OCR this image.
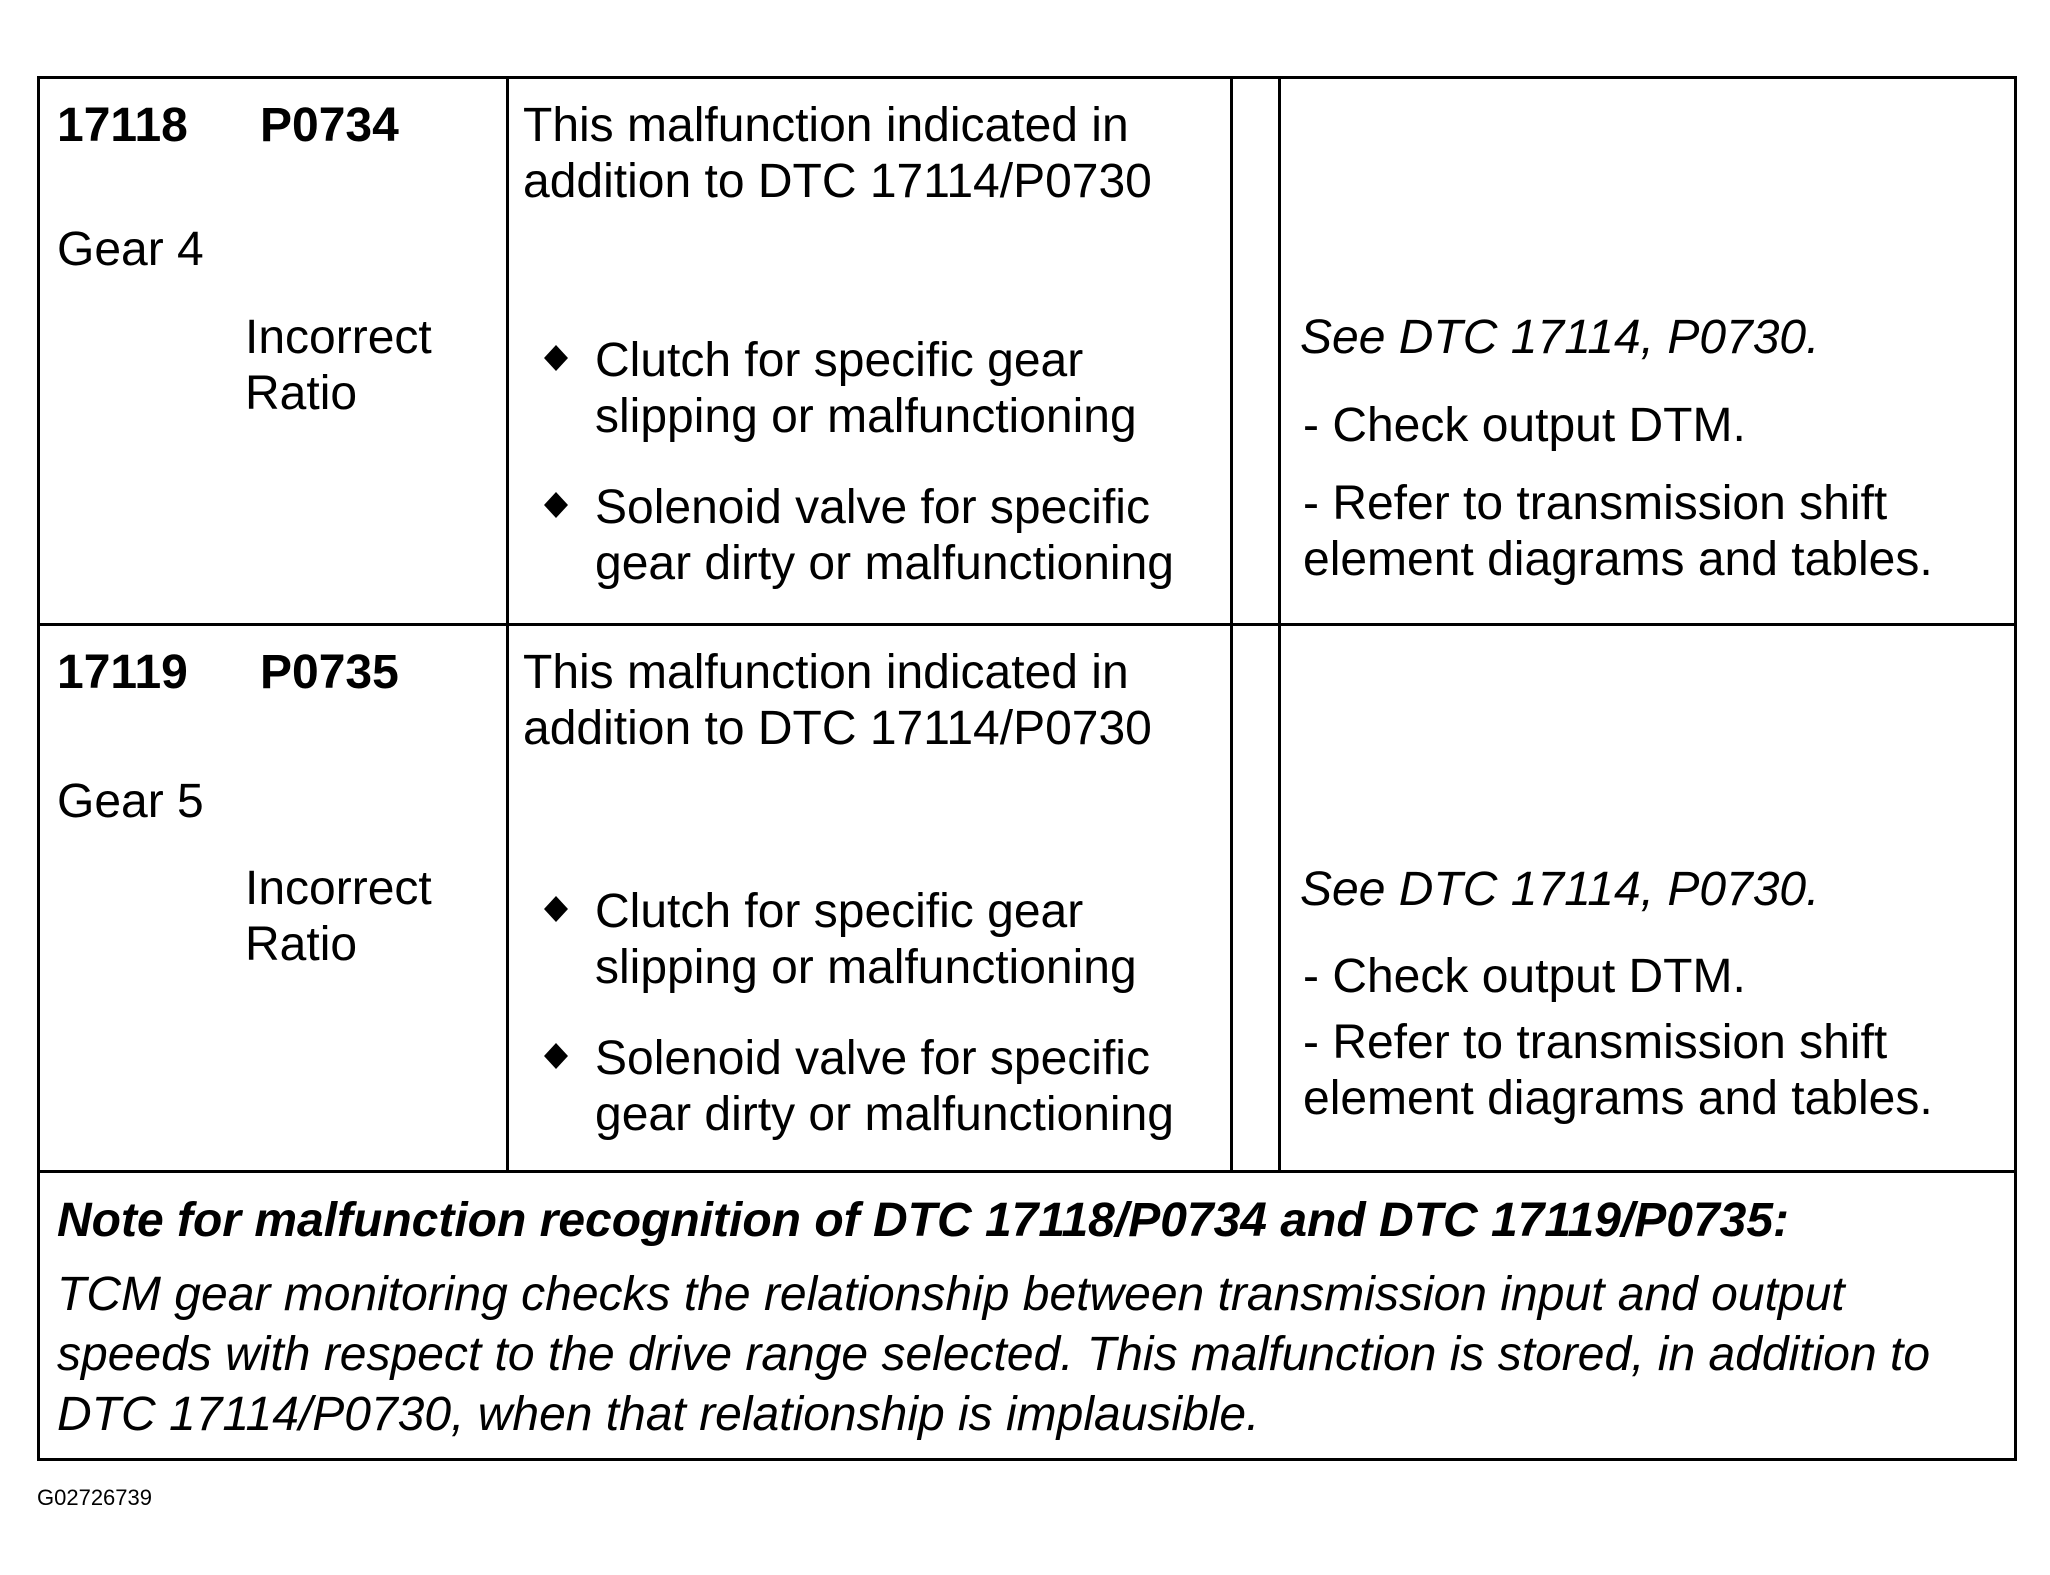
17118 P0734
Gear 4
Incorrect
Ratio
This malfunction indicated in
addition to DTC 17114/P0730
Clutch for specific gear
slipping or malfunctioning
Solenoid valve for specific
gear dirty or malfunctioning
See DTC 17114, P0730.
- Check output DTM.
- Refer to transmission shift
element diagrams and tables.
17119 P0735
Gear 5
Incorrect
Ratio
This malfunction indicated in
addition to DTC 17114/P0730
Clutch for specific gear
slipping or malfunctioning
Solenoid valve for specific
gear dirty or malfunctioning
See DTC 17114, P0730.
- Check output DTM.
- Refer to transmission shift
element diagrams and tables.
Note for malfunction recognition of DTC 17118/P0734 and DTC 17119/P0735:
TCM gear monitoring checks the relationship between transmission input and output
speeds with respect to the drive range selected. This malfunction is stored, in addition to
DTC 17114/P0730, when that relationship is implausible.
G02726739
